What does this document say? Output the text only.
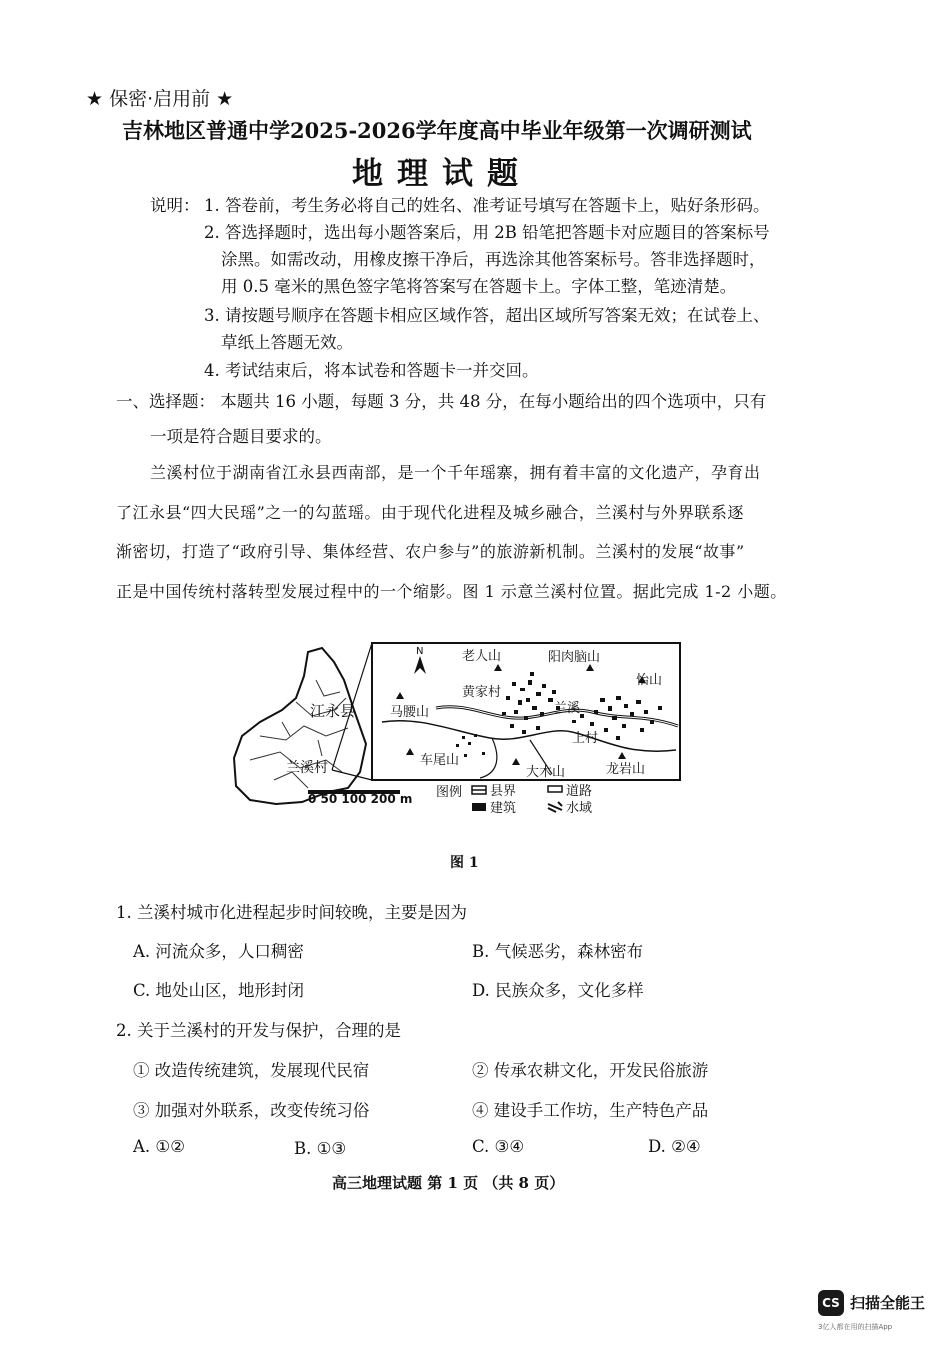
★ 保密·启用前 ★
吉林地区普通中学2025-2026学年度高中毕业年级第一次调研测试
地理试题
说明： 1. 答卷前，考生务必将自己的姓名、准考证号填写在答题卡上，贴好条形码。
2. 答选择题时，选出每小题答案后，用 2B 铅笔把答题卡对应题目的答案标号
涂黑。如需改动，用橡皮擦干净后，再选涂其他答案标号。答非选择题时，
用 0.5 毫米的黑色签字笔将答案写在答题卡上。字体工整，笔迹清楚。
3. 请按题号顺序在答题卡相应区域作答，超出区域所写答案无效；在试卷上、
草纸上答题无效。
4. 考试结束后，将本试卷和答题卡一并交回。
一、选择题： 本题共 16 小题，每题 3 分，共 48 分，在每小题给出的四个选项中，只有
一项是符合题目要求的。
兰溪村位于湖南省江永县西南部，是一个千年瑶寨，拥有着丰富的文化遗产，孕育出
了江永县“四大民瑶”之一的勾蓝瑶。由于现代化进程及城乡融合，兰溪村与外界联系逐
渐密切，打造了“政府引导、集体经营、农户参与”的旅游新机制。兰溪村的发展“故事”
正是中国传统村落转型发展过程中的一个缩影。图 1 示意兰溪村位置。据此完成 1-2 小题。
江永县
兰溪村
0 50 100 200 m
N	老人山	阳肉脑山
怡山
马腰山
车尾山
大木山	龙岩山
黄家村
兰溪
上村
图例 县界	道路
建筑	水域
图 1
1. 兰溪村城市化进程起步时间较晚，主要是因为
A. 河流众多，人口稠密	B. 气候恶劣，森林密布
C. 地处山区，地形封闭	D. 民族众多，文化多样
2. 关于兰溪村的开发与保护，合理的是
① 改造传统建筑，发展现代民宿	② 传承农耕文化，开发民俗旅游
③ 加强对外联系，改变传统习俗	④ 建设手工作坊，生产特色产品
A. ①②	B. ①③	C. ③④	D. ②④
高三地理试题 第 1 页 （共 8 页）
CS 扫描全能王
3亿人都在用的扫描App
